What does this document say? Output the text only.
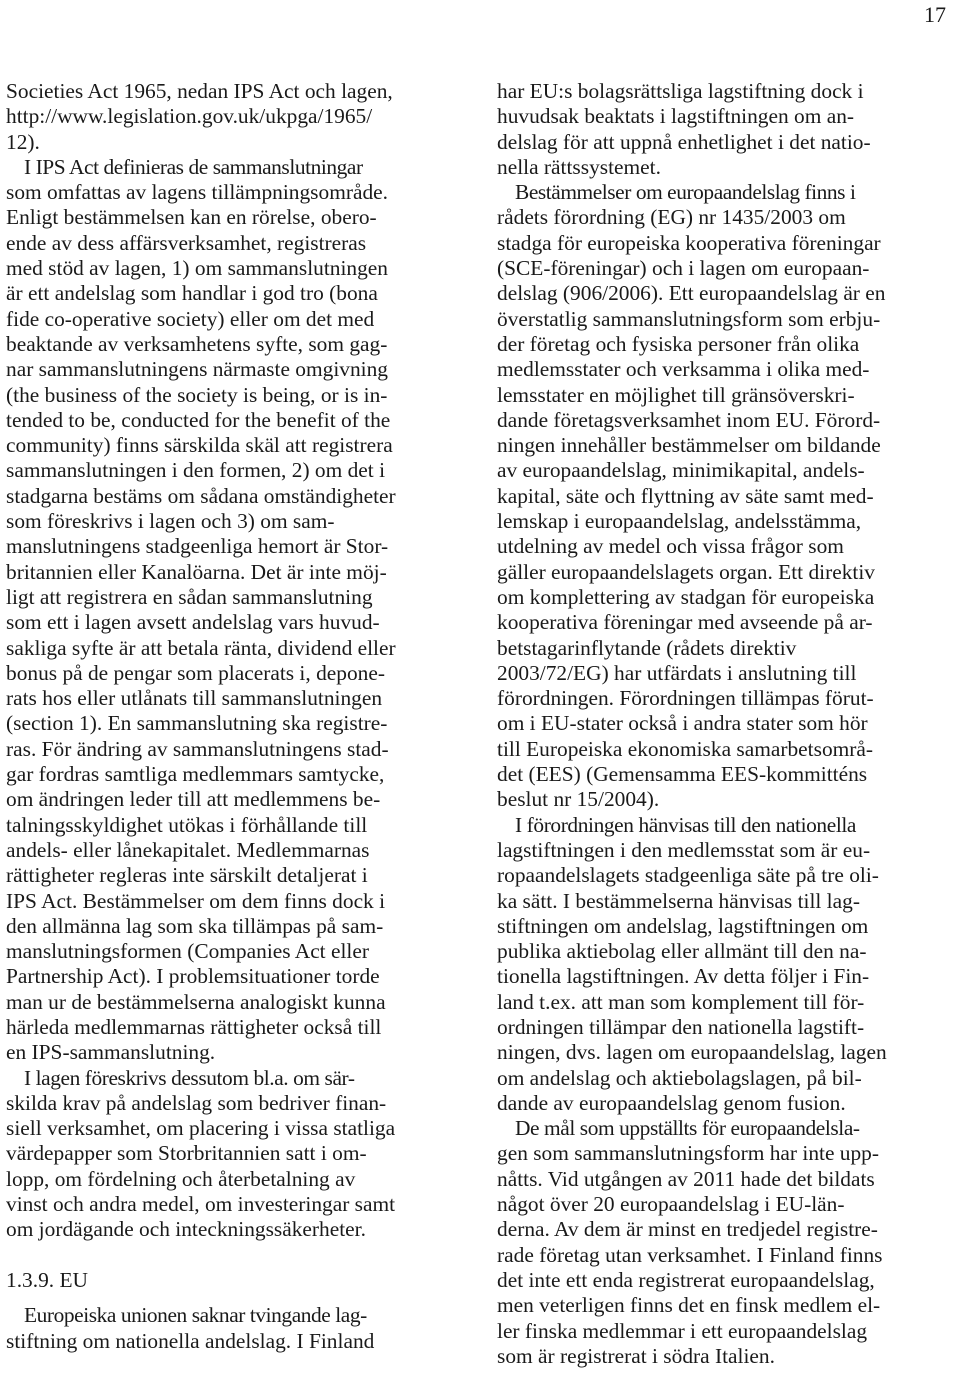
17
Societies Act 1965, nedan IPS Act och lagen,
http://www.legislation.gov.uk/ukpga/1965/
12).
I IPS Act definieras de sammanslutningar
som omfattas av lagens tillämpningsområde.
Enligt bestämmelsen kan en rörelse, obero-
ende av dess affärsverksamhet, registreras
med stöd av lagen, 1) om sammanslutningen
är ett andelslag som handlar i god tro (bona
fide co-operative society) eller om det med
beaktande av verksamhetens syfte, som gag-
nar sammanslutningens närmaste omgivning
(the business of the society is being, or is in-
tended to be, conducted for the benefit of the
community) finns särskilda skäl att registrera
sammanslutningen i den formen, 2) om det i
stadgarna bestäms om sådana omständigheter
som föreskrivs i lagen och 3) om sam-
manslutningens stadgeenliga hemort är Stor-
britannien eller Kanalöarna. Det är inte möj-
ligt att registrera en sådan sammanslutning
som ett i lagen avsett andelslag vars huvud-
sakliga syfte är att betala ränta, dividend eller
bonus på de pengar som placerats i, depone-
rats hos eller utlånats till sammanslutningen
(section 1). En sammanslutning ska registre-
ras. För ändring av sammanslutningens stad-
gar fordras samtliga medlemmars samtycke,
om ändringen leder till att medlemmens be-
talningsskyldighet utökas i förhållande till
andels- eller lånekapitalet. Medlemmarnas
rättigheter regleras inte särskilt detaljerat i
IPS Act. Bestämmelser om dem finns dock i
den allmänna lag som ska tillämpas på sam-
manslutningsformen (Companies Act eller
Partnership Act). I problemsituationer torde
man ur de bestämmelserna analogiskt kunna
härleda medlemmarnas rättigheter också till
en IPS-sammanslutning.
I lagen föreskrivs dessutom bl.a. om sär-
skilda krav på andelslag som bedriver finan-
siell verksamhet, om placering i vissa statliga
värdepapper som Storbritannien satt i om-
lopp, om fördelning och återbetalning av
vinst och andra medel, om investeringar samt
om jordägande och inteckningssäkerheter.
1.3.9. EU
Europeiska unionen saknar tvingande lag-
stiftning om nationella andelslag. I Finland
har EU:s bolagsrättsliga lagstiftning dock i
huvudsak beaktats i lagstiftningen om an-
delslag för att uppnå enhetlighet i det natio-
nella rättssystemet.
Bestämmelser om europaandelslag finns i
rådets förordning (EG) nr 1435/2003 om
stadga för europeiska kooperativa föreningar
(SCE-föreningar) och i lagen om europaan-
delslag (906/2006). Ett europaandelslag är en
överstatlig sammanslutningsform som erbju-
der företag och fysiska personer från olika
medlemsstater och verksamma i olika med-
lemsstater en möjlighet till gränsöverskri-
dande företagsverksamhet inom EU. Förord-
ningen innehåller bestämmelser om bildande
av europaandelslag, minimikapital, andels-
kapital, säte och flyttning av säte samt med-
lemskap i europaandelslag, andelsstämma,
utdelning av medel och vissa frågor som
gäller europaandelslagets organ. Ett direktiv
om komplettering av stadgan för europeiska
kooperativa föreningar med avseende på ar-
betstagarinflytande (rådets direktiv
2003/72/EG) har utfärdats i anslutning till
förordningen. Förordningen tillämpas förut-
om i EU-stater också i andra stater som hör
till Europeiska ekonomiska samarbetsområ-
det (EES) (Gemensamma EES-kommitténs
beslut nr 15/2004).
I förordningen hänvisas till den nationella
lagstiftningen i den medlemsstat som är eu-
ropaandelslagets stadgeenliga säte på tre oli-
ka sätt. I bestämmelserna hänvisas till lag-
stiftningen om andelslag, lagstiftningen om
publika aktiebolag eller allmänt till den na-
tionella lagstiftningen. Av detta följer i Fin-
land t.ex. att man som komplement till för-
ordningen tillämpar den nationella lagstift-
ningen, dvs. lagen om europaandelslag, lagen
om andelslag och aktiebolagslagen, på bil-
dande av europaandelslag genom fusion.
De mål som uppställts för europaandelsla-
gen som sammanslutningsform har inte upp-
nåtts. Vid utgången av 2011 hade det bildats
något över 20 europaandelslag i EU-län-
derna. Av dem är minst en tredjedel registre-
rade företag utan verksamhet. I Finland finns
det inte ett enda registrerat europaandelslag,
men veterligen finns det en finsk medlem el-
ler finska medlemmar i ett europaandelslag
som är registrerat i södra Italien.
